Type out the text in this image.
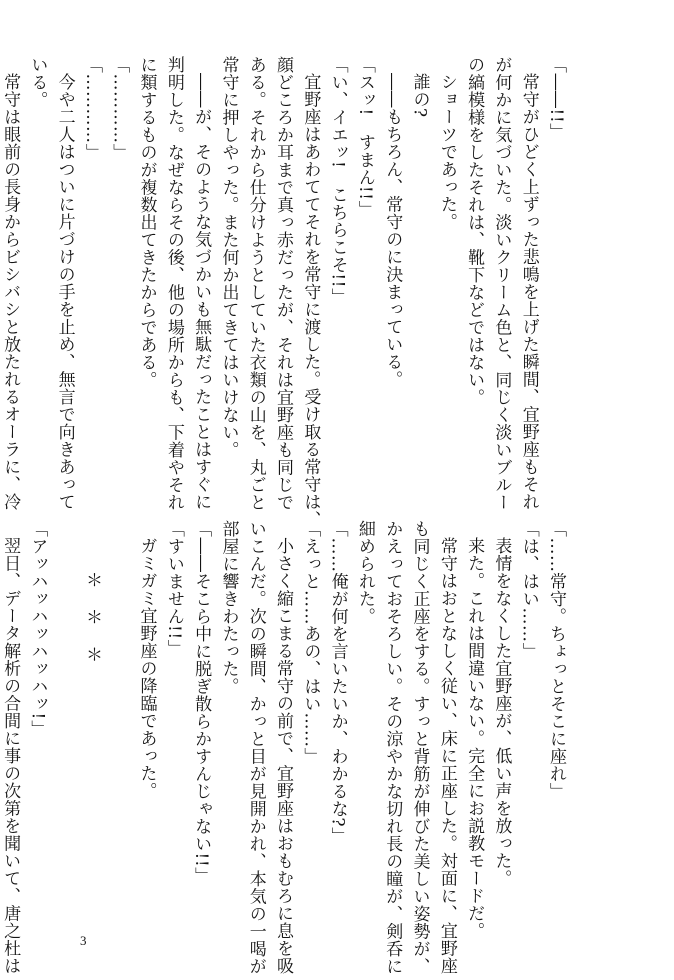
「――!!」

常守がひどく上ずった悲鳴を上げた瞬間、宜野座もそれ

が何かに気づいた。淡いクリーム色と、同じく淡いブルー

の縞模様をしたそれは、靴下などではない。

ショーツであった。

誰の?

――もちろん、常守のに決まっている。

「スッ!　すまん!!」

「い、イエッ!　こちらこそ!!」

宜野座はあわててそれを常守に渡した。受け取る常守は、

顔どころか耳まで真っ赤だったが、それは宜野座も同じで

ある。それから仕分けようとしていた衣類の山を、丸ごと

常守に押しやった。また何か出てきてはいけない。

――が、そのような気づかいも無駄だったことはすぐに

判明した。なぜならその後、他の場所からも、下着やそれ

に類するものが複数出てきたからである。

「…………」

「…………」

今や二人はついに片づけの手を止め、無言で向きあって

いる。

常守は眼前の長身からビシバシと放たれるオーラに、冷

「……常守。ちょっとそこに座れ」

「は、はい……」

表情をなくした宜野座が、低い声を放った。

来た。これは間違いない。完全にお説教モードだ。

常守はおとなしく従い、床に正座した。対面に、宜野座

も同じく正座をする。すっと背筋が伸びた美しい姿勢が、

かえっておそろしい。その涼やかな切れ長の瞳が、剣呑に

細められた。

「……俺が何を言いたいか、わかるな?」

「えっと……あの、はい……」

小さく縮こまる常守の前で、宜野座はおもむろに息を吸

いこんだ。次の瞬間、かっと目が見開かれ、本気の一喝が

部屋に響きわたった。

「――そこら中に脱ぎ散らかすんじゃない!!」

「すいません!!」

ガミガミ宜野座の降臨であった。

＊＊＊

「アッハッハッハッハッ!」

翌日、データ解析の合間に事の次第を聞いて、唐之杜は	3
